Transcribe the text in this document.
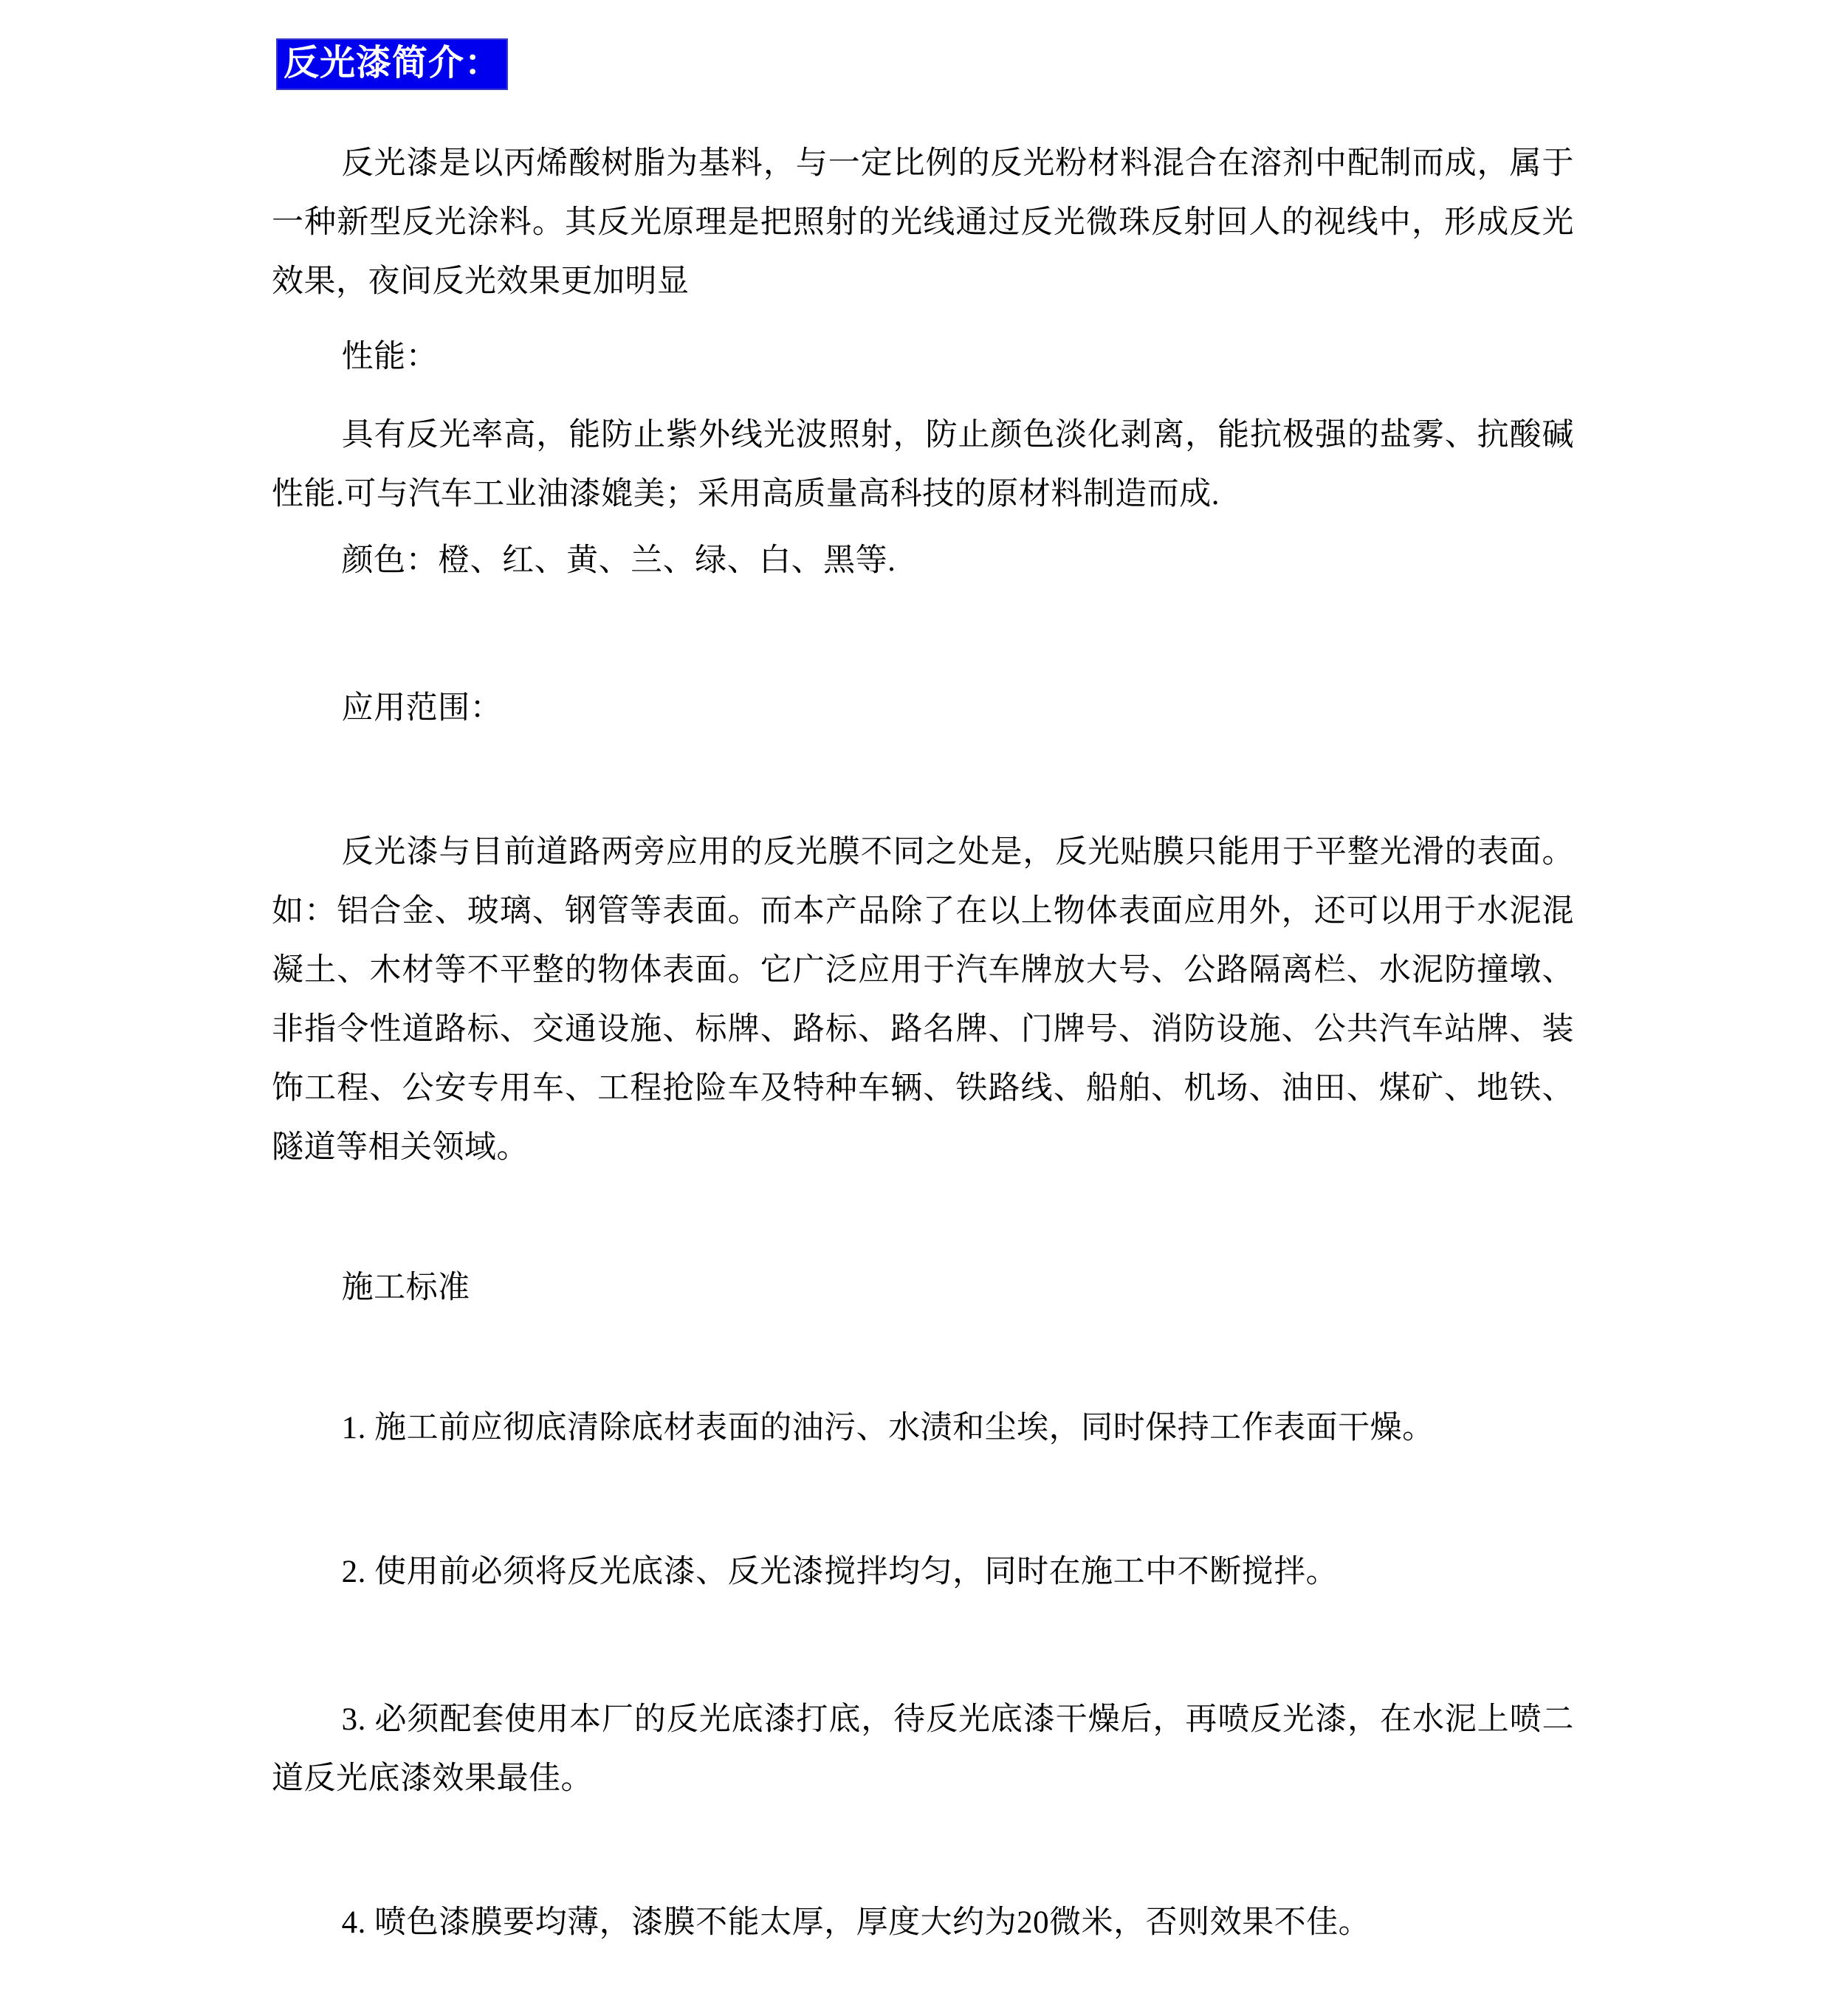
反光漆简介：

反光漆是以丙烯酸树脂为基料，与一定比例的反光粉材料混合在溶剂中配制而成，属于一种新型反光涂料。其反光原理是把照射的光线通过反光微珠反射回人的视线中，形成反光效果，夜间反光效果更加明显

性能：

具有反光率高，能防止紫外线光波照射，防止颜色淡化剥离，能抗极强的盐雾、抗酸碱性能.可与汽车工业油漆媲美；采用高质量高科技的原材料制造而成.

颜色：橙、红、黄、兰、绿、白、黑等.

应用范围：

反光漆与目前道路两旁应用的反光膜不同之处是，反光贴膜只能用于平整光滑的表面。如：铝合金、玻璃、钢管等表面。而本产品除了在以上物体表面应用外，还可以用于水泥混凝土、木材等不平整的物体表面。它广泛应用于汽车牌放大号、公路隔离栏、水泥防撞墩、非指令性道路标、交通设施、标牌、路标、路名牌、门牌号、消防设施、公共汽车站牌、装饰工程、公安专用车、工程抢险车及特种车辆、铁路线、船舶、机场、油田、煤矿、地铁、隧道等相关领域。

施工标准

1. 施工前应彻底清除底材表面的油污、水渍和尘埃，同时保持工作表面干燥。

2. 使用前必须将反光底漆、反光漆搅拌均匀，同时在施工中不断搅拌。

3. 必须配套使用本厂的反光底漆打底，待反光底漆干燥后，再喷反光漆，在水泥上喷二道反光底漆效果最佳。

4. 喷色漆膜要均薄，漆膜不能太厚，厚度大约为20微米，否则效果不佳。
